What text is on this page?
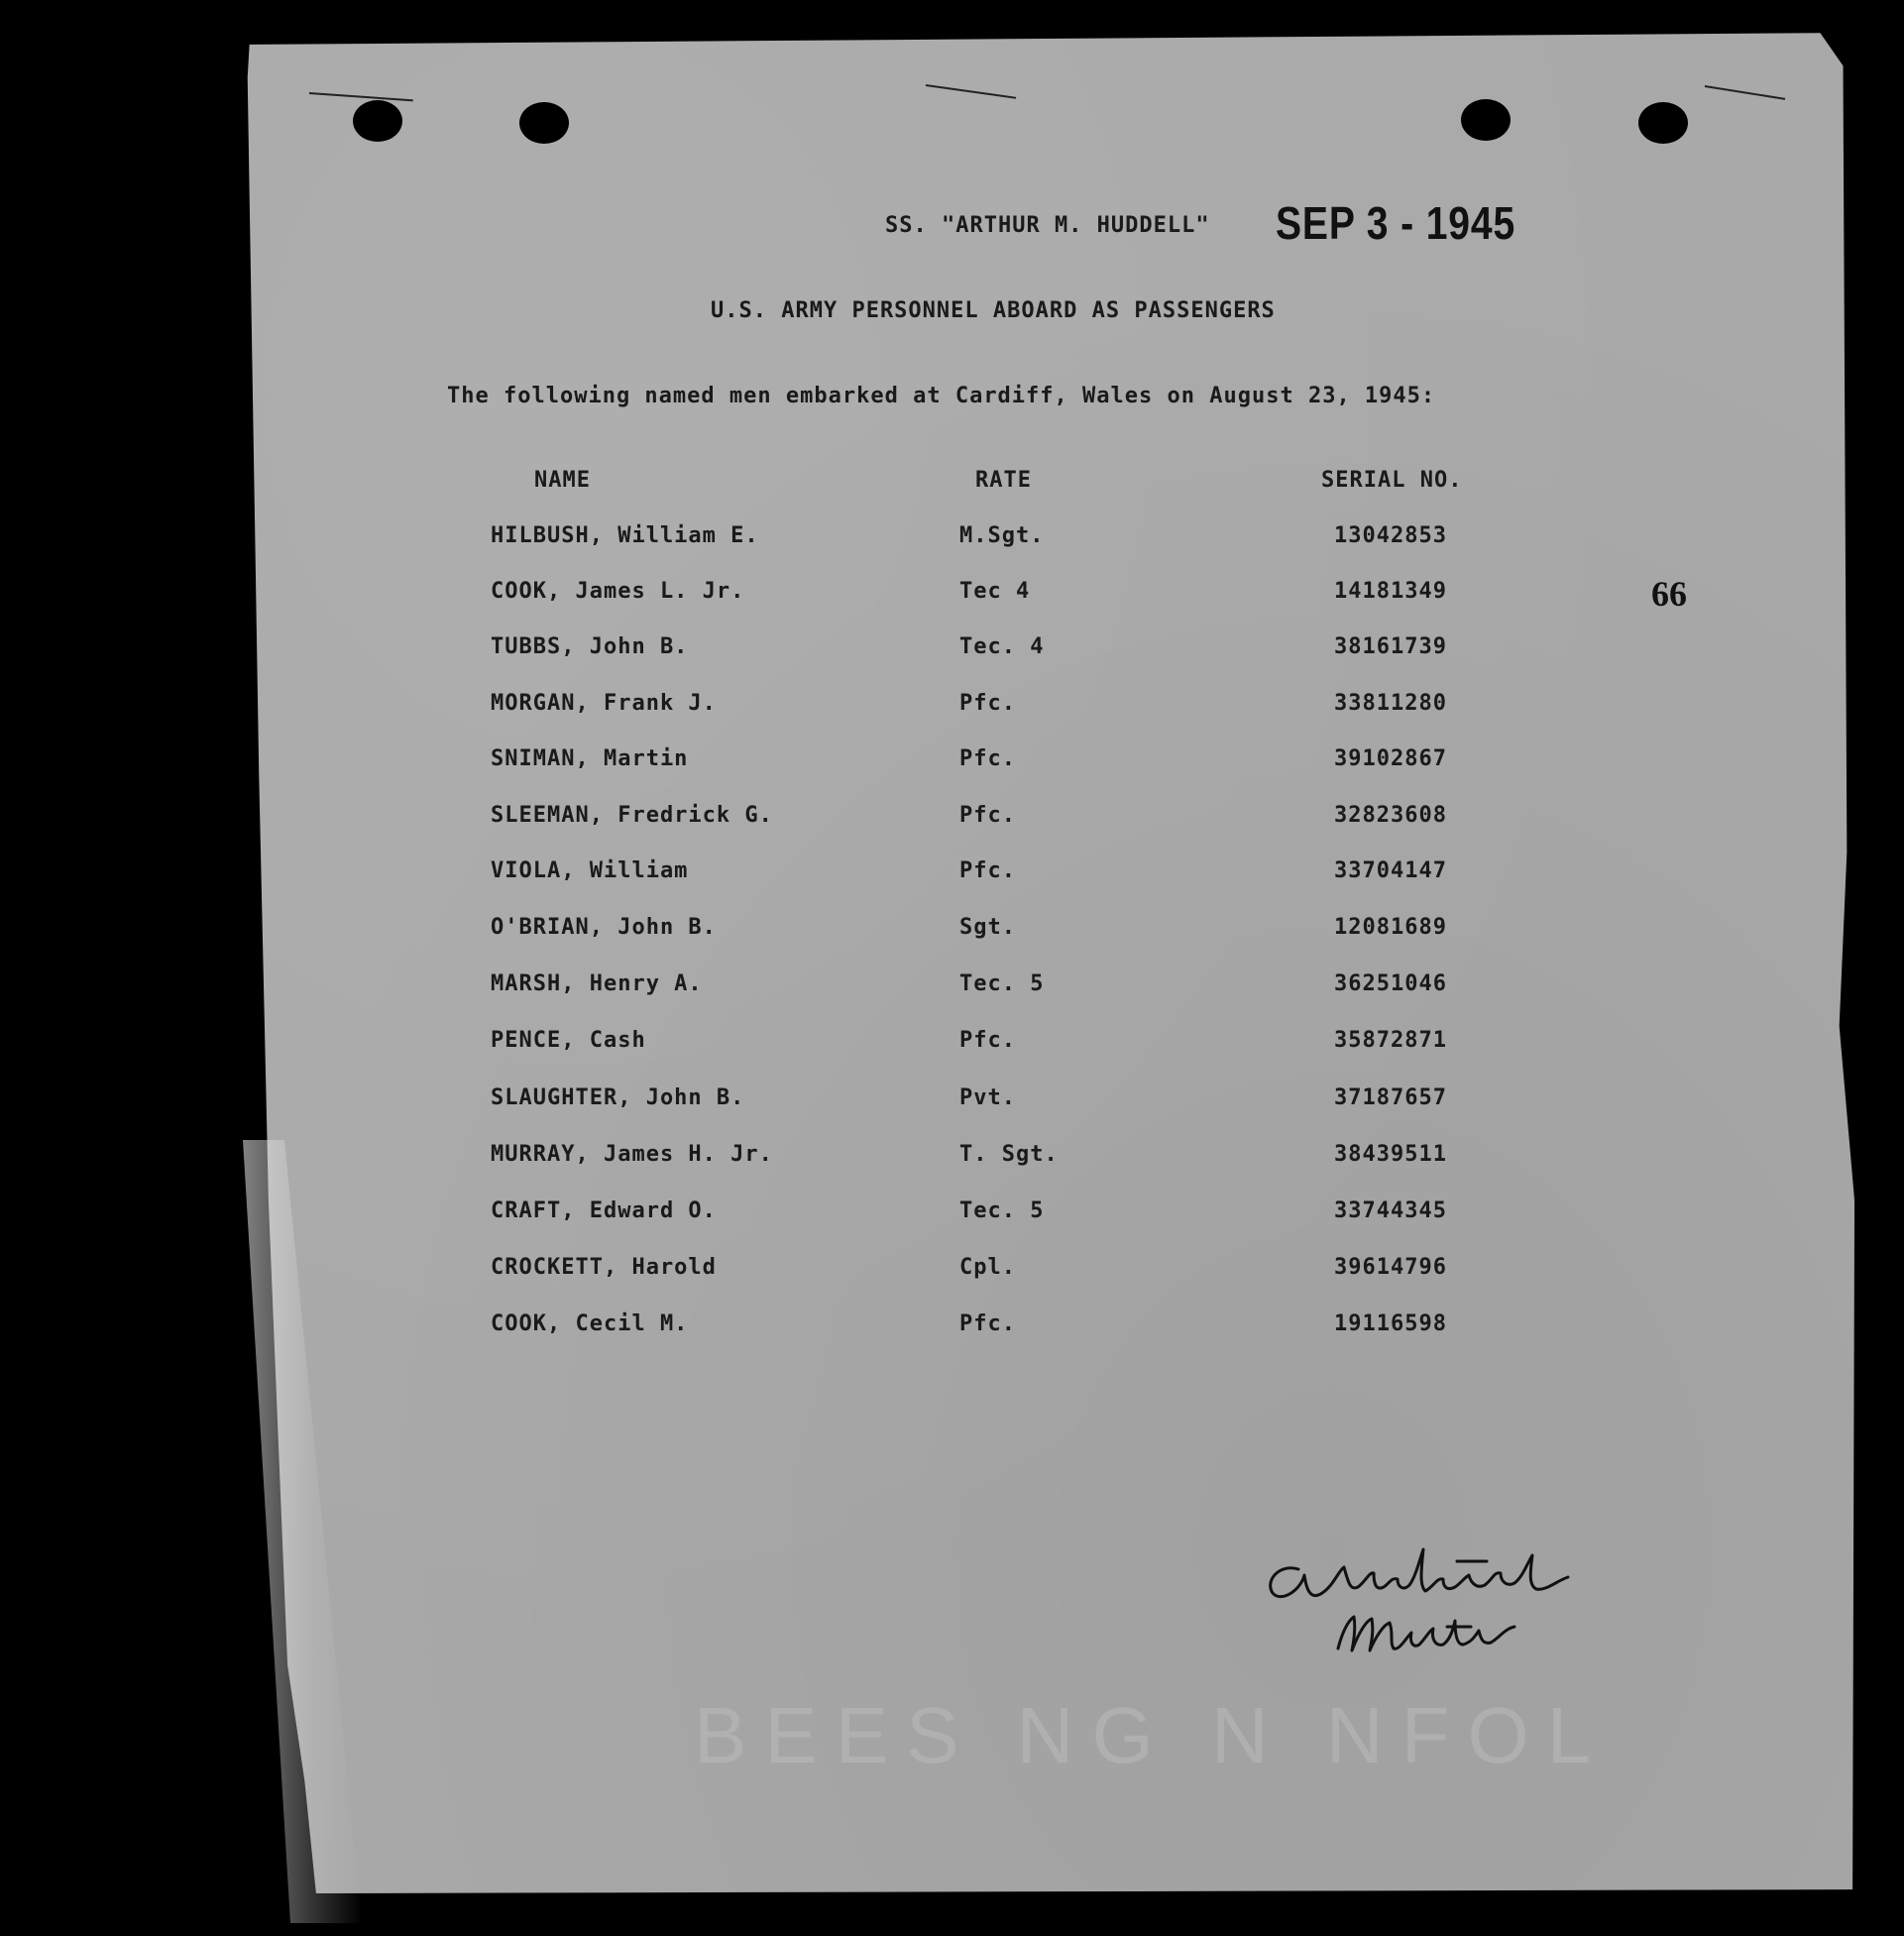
SS. "ARTHUR M. HUDDELL" SEP 3 - 1945
U.S. ARMY PERSONNEL ABOARD AS PASSENGERS
The following named men embarked at Cardiff, Wales on August 23, 1945:
66
NAME	RATE	SERIAL NO.
HILBUSH, William E.	M.Sgt.	13042853
COOK, James L. Jr.	Tec 4	14181349
TUBBS, John B.	Tec. 4	38161739
MORGAN, Frank J.	Pfc.	33811280
SNIMAN, Martin	Pfc.	39102867
SLEEMAN, Fredrick G.	Pfc.	32823608
VIOLA, William	Pfc.	33704147
O'BRIAN, John B.	Sgt.	12081689
MARSH, Henry A.	Tec. 5	36251046
PENCE, Cash	Pfc.	35872871
SLAUGHTER, John B.	Pvt.	37187657
MURRAY, James H. Jr.	T. Sgt.	38439511
CRAFT, Edward O.	Tec. 5	33744345
CROCKETT, Harold	Cpl.	39614796
COOK, Cecil M.	Pfc.	19116598
BEES NG N NFOL
